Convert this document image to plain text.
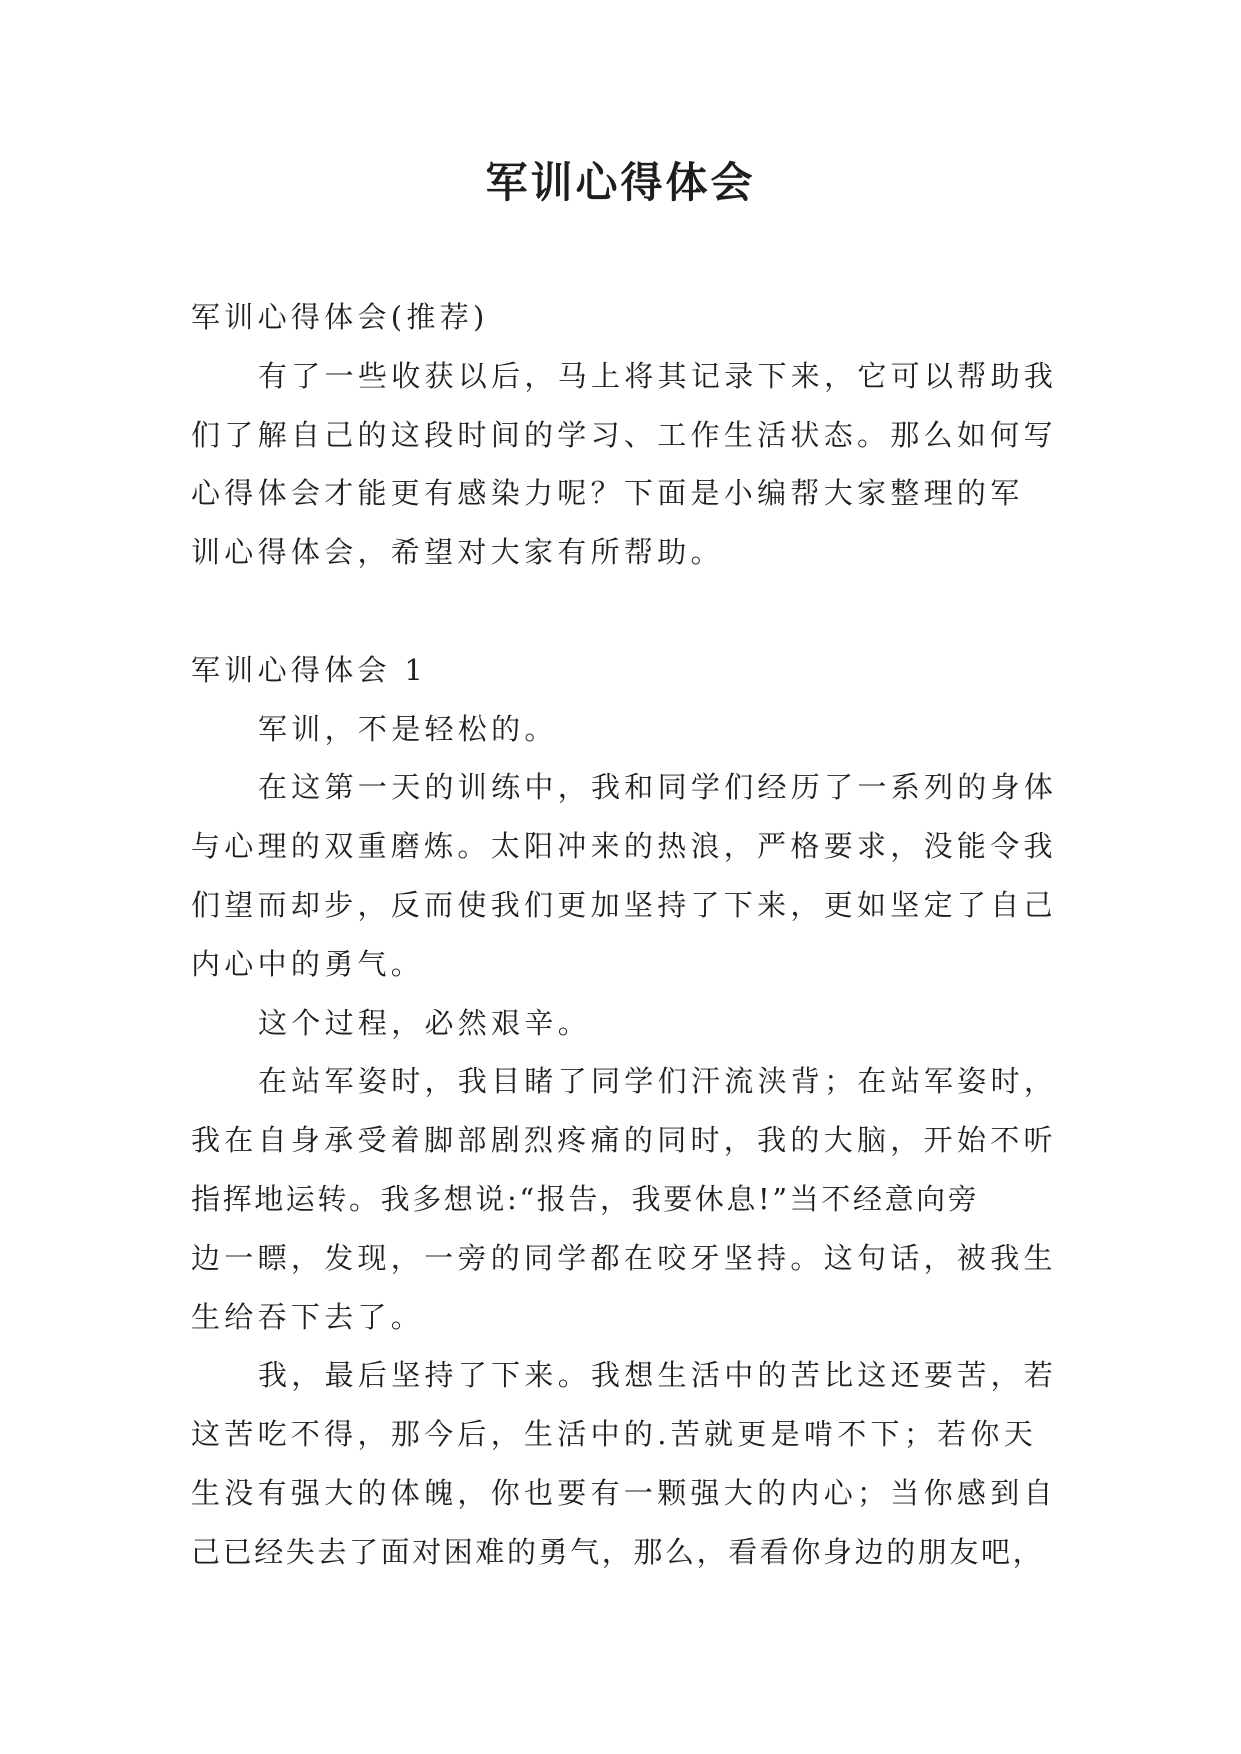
军训心得体会
军训心得体会(推荐)
有了一些收获以后，马上将其记录下来，它可以帮助我
们了解自己的这段时间的学习、工作生活状态。那么如何写
心得体会才能更有感染力呢？下面是小编帮大家整理的军
训心得体会，希望对大家有所帮助。
军训心得体会 1
军训，不是轻松的。
在这第一天的训练中，我和同学们经历了一系列的身体
与心理的双重磨炼。太阳冲来的热浪，严格要求，没能令我
们望而却步，反而使我们更加坚持了下来，更如坚定了自己
内心中的勇气。
这个过程，必然艰辛。
在站军姿时，我目睹了同学们汗流浃背；在站军姿时，
我在自身承受着脚部剧烈疼痛的同时，我的大脑，开始不听
指挥地运转。我多想说:“报告，我要休息!”当不经意向旁
边一瞟，发现，一旁的同学都在咬牙坚持。这句话，被我生
生给吞下去了。
我，最后坚持了下来。我想生活中的苦比这还要苦，若
这苦吃不得，那今后，生活中的.苦就更是啃不下；若你天
生没有强大的体魄，你也要有一颗强大的内心；当你感到自
己已经失去了面对困难的勇气，那么，看看你身边的朋友吧，
